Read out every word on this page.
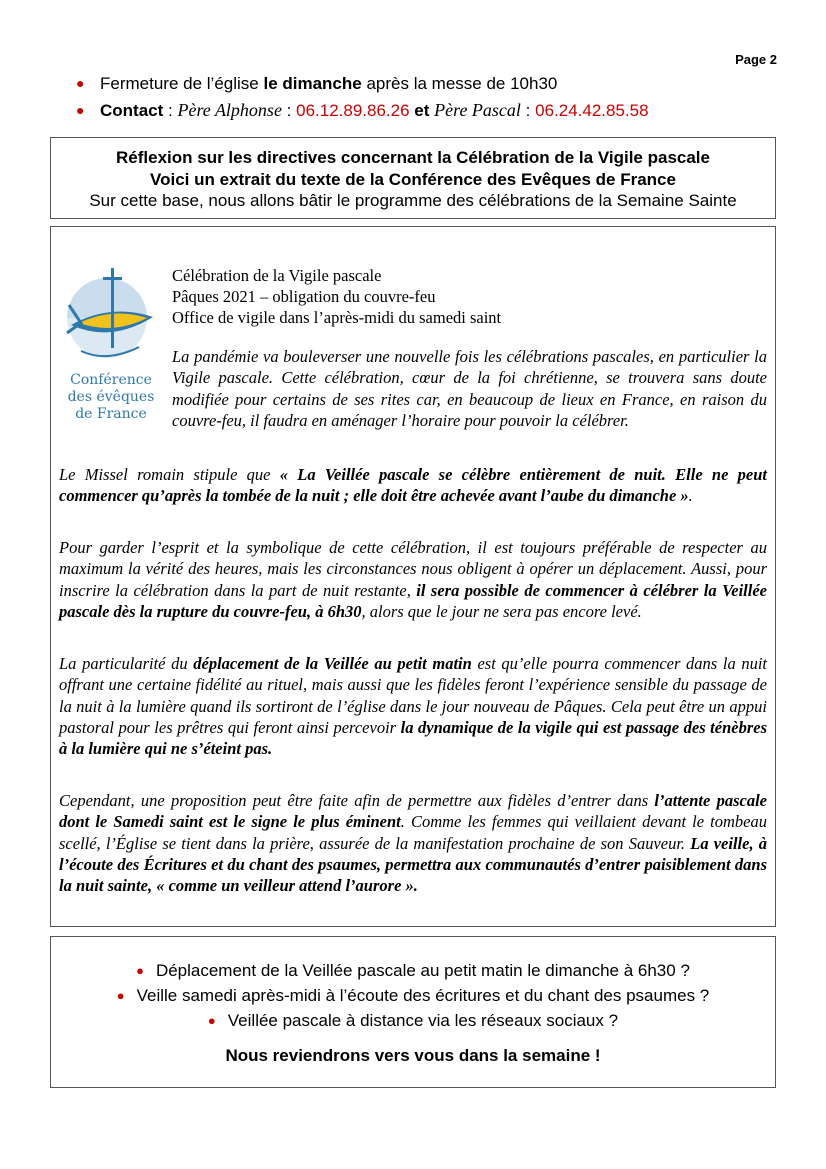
Page 2
● Fermeture de l’église le dimanche après la messe de 10h30
● Contact : Père Alphonse : 06.12.89.86.26 et Père Pascal : 06.24.42.85.58
Réflexion sur les directives concernant la Célébration de la Vigile pascale
Voici un extrait du texte de la Conférence des Evêques de France
Sur cette base, nous allons bâtir le programme des célébrations de la Semaine Sainte
Conférence
des évêques
de France
Célébration de la Vigile pascale
Pâques 2021 – obligation du couvre-feu
Office de vigile dans l’après-midi du samedi saint
La pandémie va bouleverser une nouvelle fois les célébrations pascales, en particulier la Vigile pascale. Cette célébration, cœur de la foi chrétienne, se trouvera sans doute modifiée pour certains de ses rites car, en beaucoup de lieux en France, en raison du couvre-feu, il faudra en aménager l’horaire pour pouvoir la célébrer.
Le Missel romain stipule que « La Veillée pascale se célèbre entièrement de nuit. Elle ne peut commencer qu’après la tombée de la nuit ; elle doit être achevée avant l’aube du dimanche ».
Pour garder l’esprit et la symbolique de cette célébration, il est toujours préférable de respecter au maximum la vérité des heures, mais les circonstances nous obligent à opérer un déplacement. Aussi, pour inscrire la célébration dans la part de nuit restante, il sera possible de commencer à célébrer la Veillée pascale dès la rupture du couvre-feu, à 6h30, alors que le jour ne sera pas encore levé.
La particularité du déplacement de la Veillée au petit matin est qu’elle pourra commencer dans la nuit offrant une certaine fidélité au rituel, mais aussi que les fidèles feront l’expérience sensible du passage de la nuit à la lumière quand ils sortiront de l’église dans le jour nouveau de Pâques. Cela peut être un appui pastoral pour les prêtres qui feront ainsi percevoir la dynamique de la vigile qui est passage des ténèbres à la lumière qui ne s’éteint pas.
Cependant, une proposition peut être faite afin de permettre aux fidèles d’entrer dans l’attente pascale dont le Samedi saint est le signe le plus éminent. Comme les femmes qui veillaient devant le tombeau scellé, l’Église se tient dans la prière, assurée de la manifestation prochaine de son Sauveur. La veille, à l’écoute des Écritures et du chant des psaumes, permettra aux communautés d’entrer paisiblement dans la nuit sainte, « comme un veilleur attend l’aurore ».
● Déplacement de la Veillée pascale au petit matin le dimanche à 6h30 ?
● Veille samedi après-midi à l’écoute des écritures et du chant des psaumes ?
● Veillée pascale à distance via les réseaux sociaux ?
Nous reviendrons vers vous dans la semaine !
